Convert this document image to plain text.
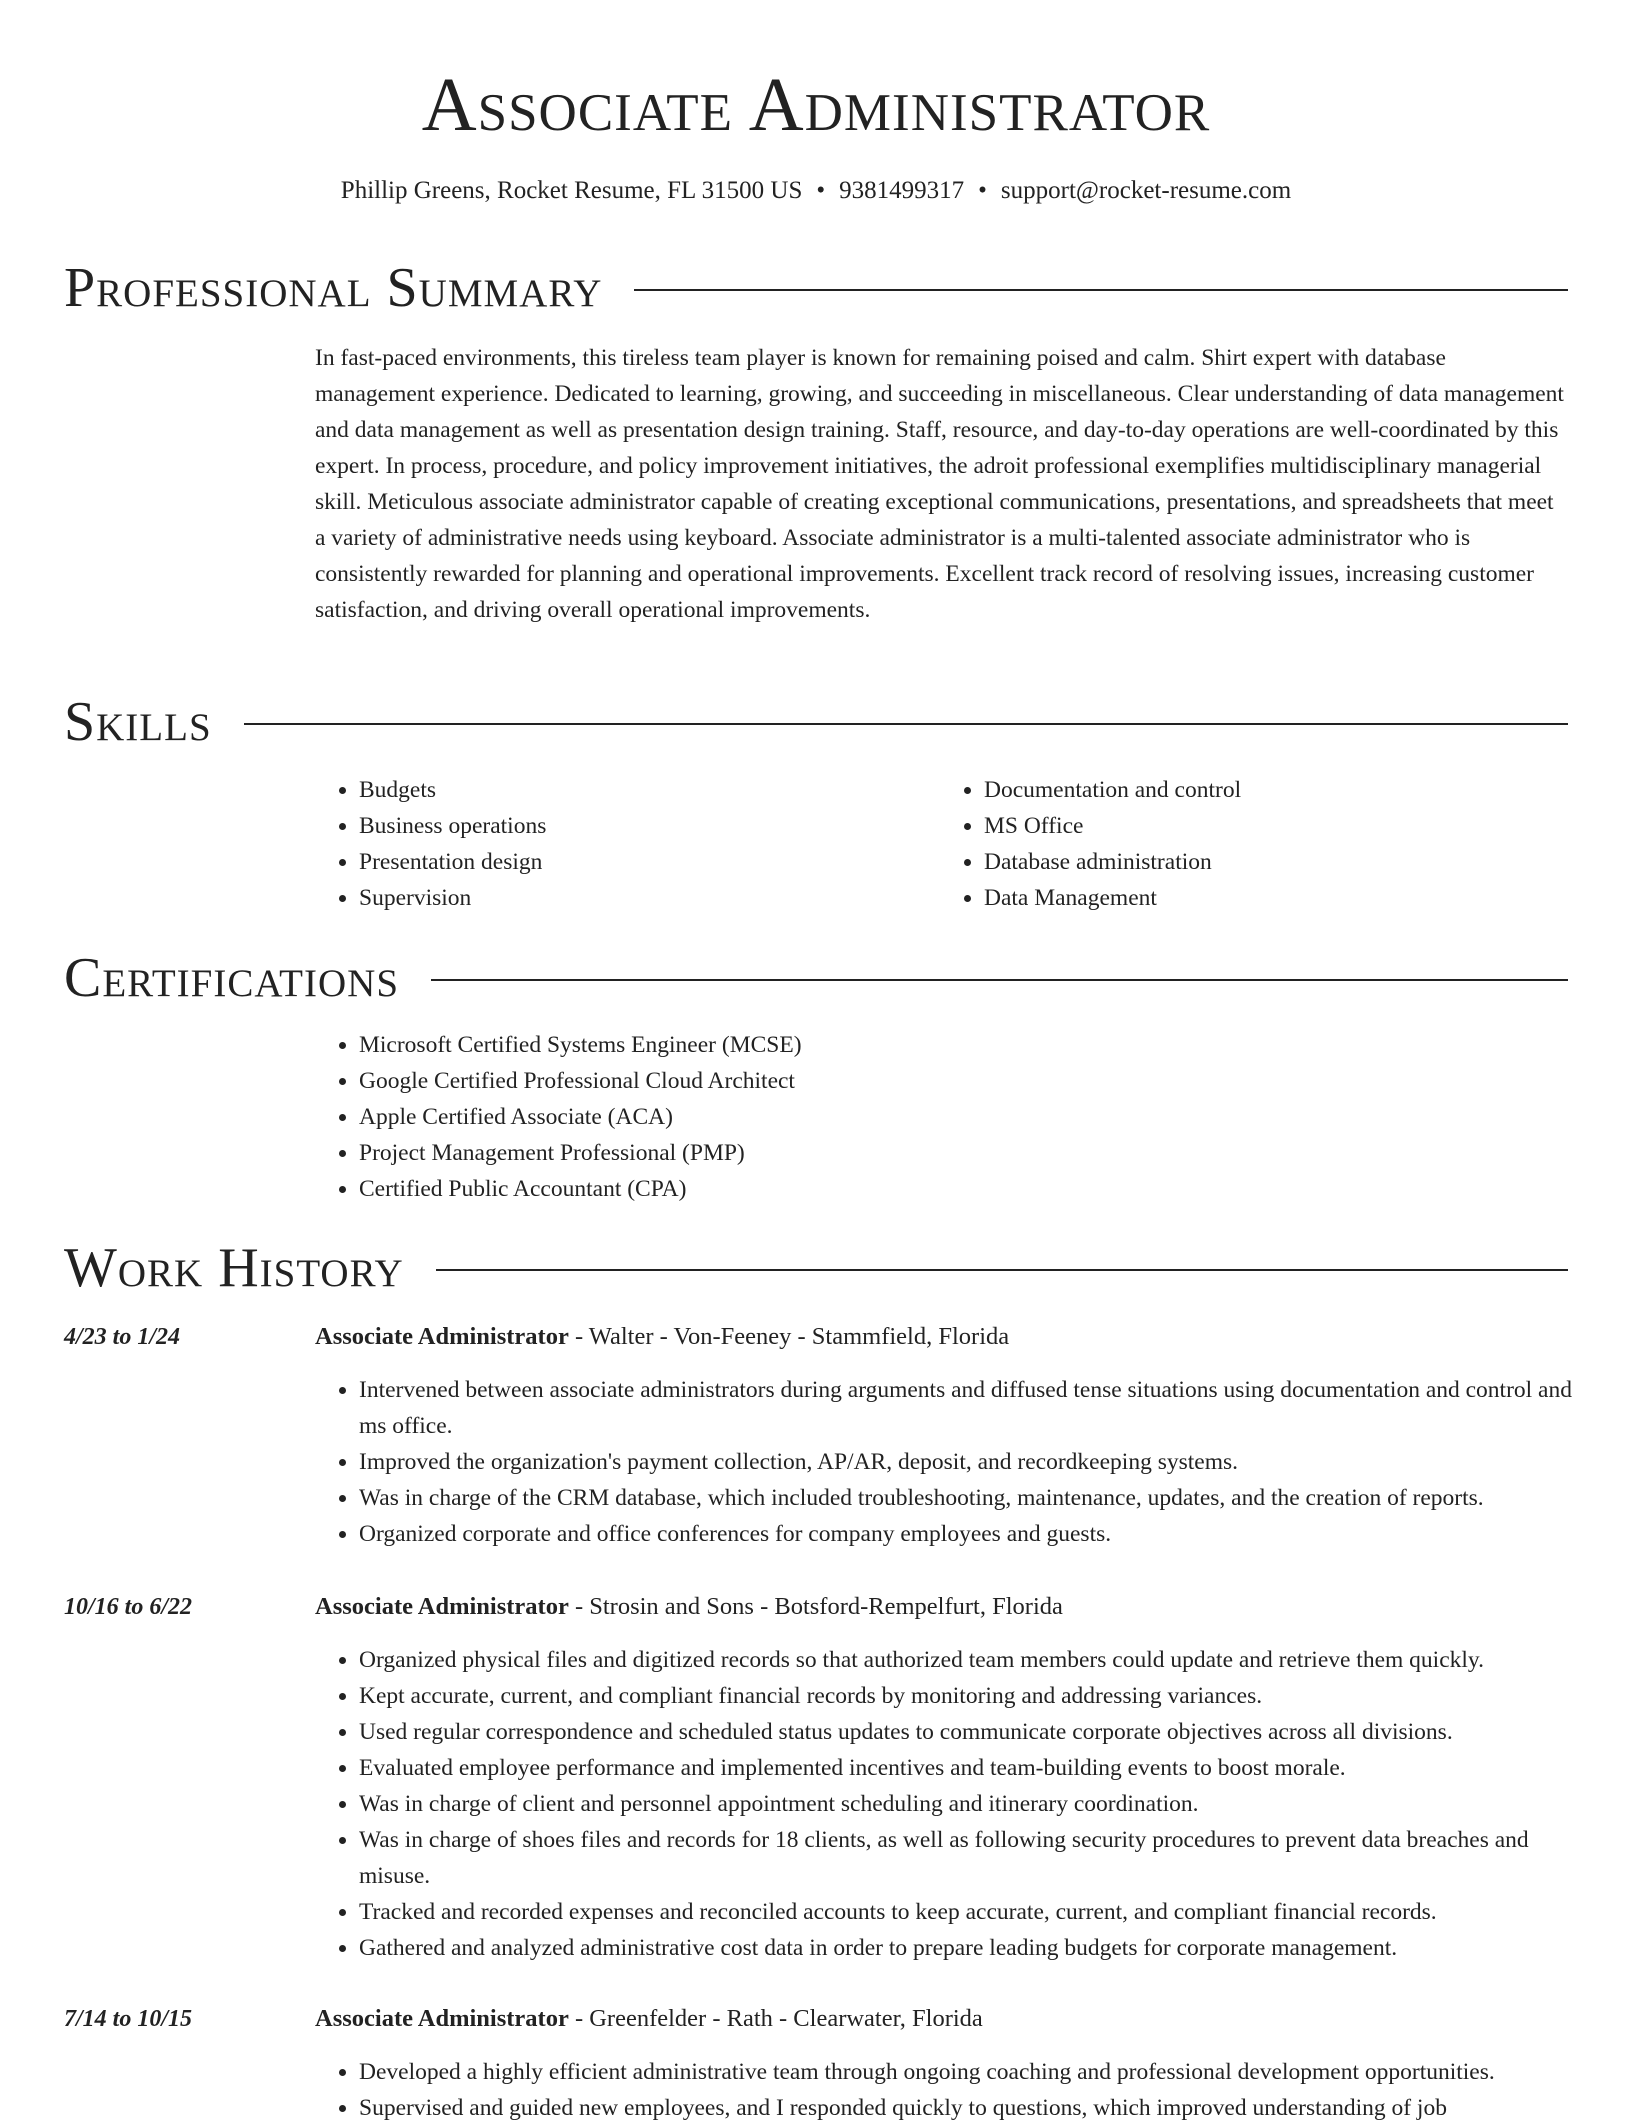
Associate Administrator
Phillip Greens, Rocket Resume, FL 31500 US • 9381499317 • support@rocket-resume.com
Professional Summary

In fast-paced environments, this tireless team player is known for remaining poised and calm. Shirt expert with database management experience. Dedicated to learning, growing, and succeeding in miscellaneous. Clear understanding of data management and data management as well as presentation design training. Staff, resource, and day-to-day operations are well-coordinated by this expert. In process, procedure, and policy improvement initiatives, the adroit professional exemplifies multidisciplinary managerial skill. Meticulous associate administrator capable of creating exceptional communications, presentations, and spreadsheets that meet a variety of administrative needs using keyboard. Associate administrator is a multi-talented associate administrator who is consistently rewarded for planning and operational improvements. Excellent track record of resolving issues, increasing customer satisfaction, and driving overall operational improvements.

Skills
• Budgets
• Business operations
• Presentation design
• Supervision
• Documentation and control
• MS Office
• Database administration
• Data Management
Certifications
• Microsoft Certified Systems Engineer (MCSE)
• Google Certified Professional Cloud Architect
• Apple Certified Associate (ACA)
• Project Management Professional (PMP)
• Certified Public Accountant (CPA)
Work History
4/23 to 1/24	Associate Administrator - Walter - Von-Feeney - Stammfield, Florida
• Intervened between associate administrators during arguments and diffused tense situations using documentation and control and ms office.
• Improved the organization's payment collection, AP/AR, deposit, and recordkeeping systems.
• Was in charge of the CRM database, which included troubleshooting, maintenance, updates, and the creation of reports.
• Organized corporate and office conferences for company employees and guests.
10/16 to 6/22	Associate Administrator - Strosin and Sons - Botsford-Rempelfurt, Florida
• Organized physical files and digitized records so that authorized team members could update and retrieve them quickly.
• Kept accurate, current, and compliant financial records by monitoring and addressing variances.
• Used regular correspondence and scheduled status updates to communicate corporate objectives across all divisions.
• Evaluated employee performance and implemented incentives and team-building events to boost morale.
• Was in charge of client and personnel appointment scheduling and itinerary coordination.
• Was in charge of shoes files and records for 18 clients, as well as following security procedures to prevent data breaches and misuse.
• Tracked and recorded expenses and reconciled accounts to keep accurate, current, and compliant financial records.
• Gathered and analyzed administrative cost data in order to prepare leading budgets for corporate management.
7/14 to 10/15	Associate Administrator - Greenfelder - Rath - Clearwater, Florida
• Developed a highly efficient administrative team through ongoing coaching and professional development opportunities.
• Supervised and guided new employees, and I responded quickly to questions, which improved understanding of job
